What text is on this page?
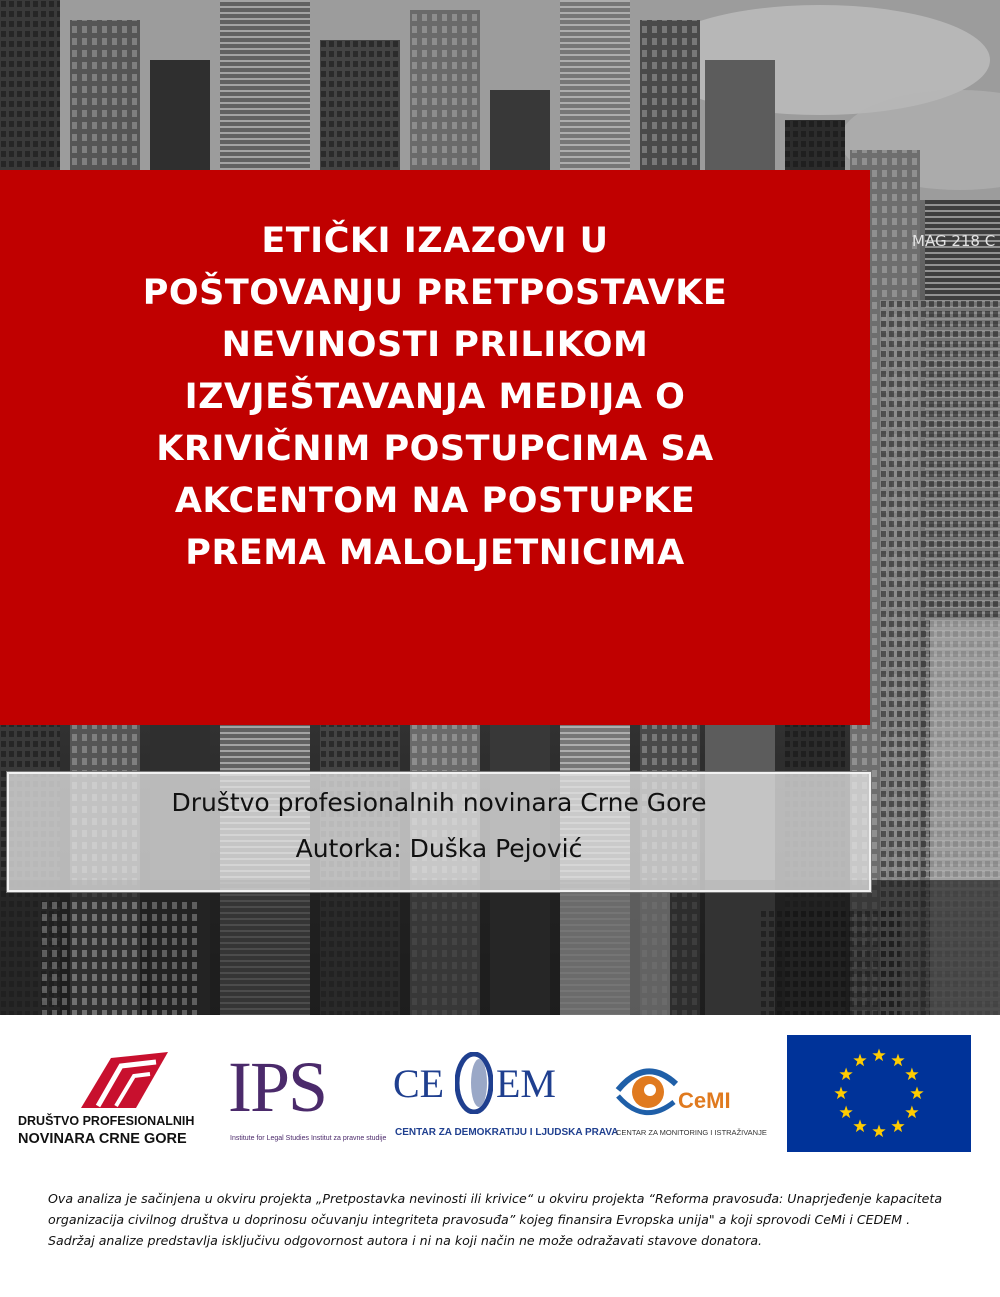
MAG 218 C
ETIČKI IZAZOVI U
POŠTOVANJU PRETPOSTAVKE
NEVINOSTI PRILIKOM
IZVJEŠTAVANJA MEDIJA O
KRIVIČNIM POSTUPCIMA SA
AKCENTOM NA POSTUPKE
PREMA MALOLJETNICIMA
Društvo profesionalnih novinara Crne Gore
Autorka: Duška Pejović
DRUŠTVO PROFESIONALNIH
NOVINARA CRNE GORE
IPS
Institute for Legal Studies Institut za pravne studije
CE EM
CENTAR ZA DEMOKRATIJU I LJUDSKA PRAVA
CeMI
CENTAR ZA MONITORING I ISTRAŽIVANJE

Ova analiza je sačinjena u okviru projekta „Pretpostavka nevinosti ili krivice“ u okviru projekta “Reforma pravosuđa: Unaprjeđenje kapaciteta organizacija civilnog društva u doprinosu očuvanju integriteta pravosuđa” kojeg finansira Evropska unija" a koji sprovodi CeMi i CEDEM . Sadržaj analize predstavlja isključivu odgovornost autora i ni na koji način ne može odražavati stavove donatora.
